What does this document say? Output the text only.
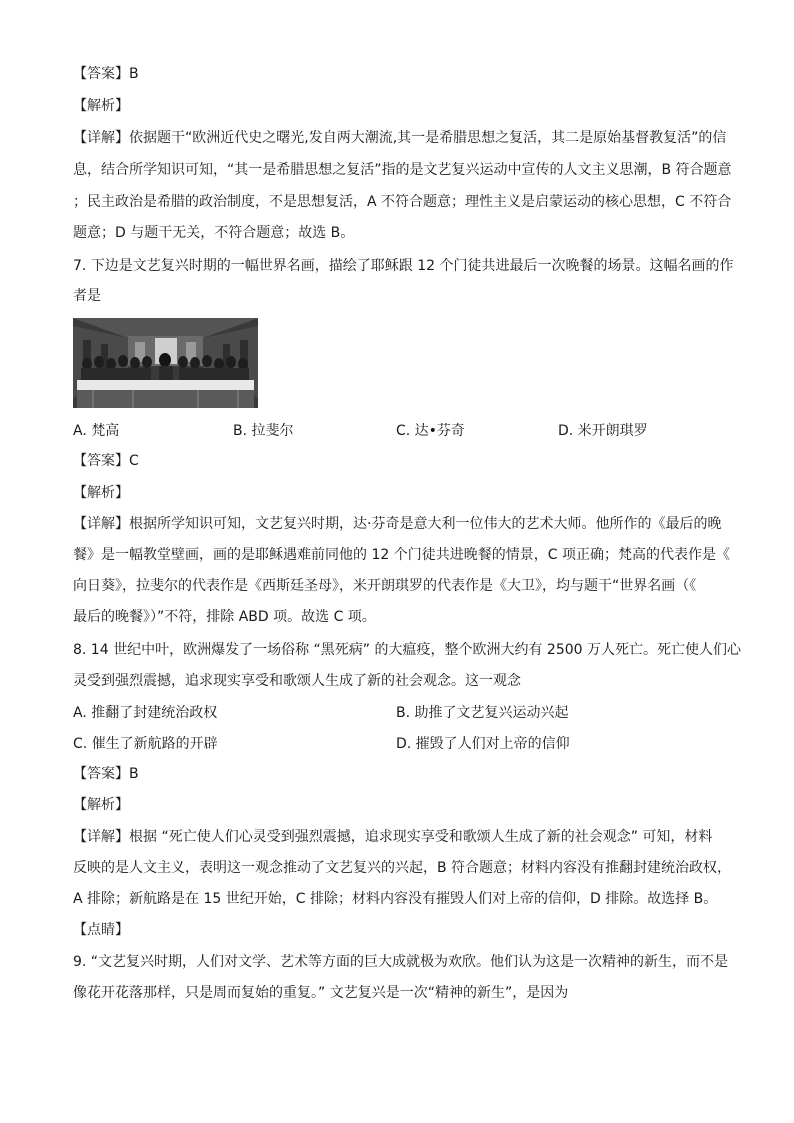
【答案】B
【解析】
【详解】依据题干“欧洲近代史之曙光,发自两大潮流,其一是希腊思想之复活，其二是原始基督教复活”的信
息，结合所学知识可知，“其一是希腊思想之复活”指的是文艺复兴运动中宣传的人文主义思潮，B 符合题意
；民主政治是希腊的政治制度，不是思想复活，A 不符合题意；理性主义是启蒙运动的核心思想，C 不符合
题意；D 与题干无关，不符合题意；故选 B。
7. 下边是文艺复兴时期的一幅世界名画，描绘了耶稣跟 12 个门徒共进最后一次晚餐的场景。这幅名画的作
者是
A. 梵高	B. 拉斐尔	C. 达•芬奇	D. 米开朗琪罗
【答案】C
【解析】
【详解】根据所学知识可知，文艺复兴时期，达·芬奇是意大利一位伟大的艺术大师。他所作的《最后的晚
餐》是一幅教堂壁画，画的是耶稣遇难前同他的 12 个门徒共进晚餐的情景，C 项正确；梵高的代表作是《
向日葵》，拉斐尔的代表作是《西斯廷圣母》，米开朗琪罗的代表作是《大卫》，均与题干“世界名画（《
最后的晚餐》）”不符，排除 ABD 项。故选 C 项。
8. 14 世纪中叶，欧洲爆发了一场俗称 “黑死病” 的大瘟疫，整个欧洲大约有 2500 万人死亡。死亡使人们心
灵受到强烈震撼，追求现实享受和歌颂人生成了新的社会观念。这一观念
A. 推翻了封建统治政权	B. 助推了文艺复兴运动兴起
C. 催生了新航路的开辟	D. 摧毁了人们对上帝的信仰
【答案】B
【解析】
【详解】根据 “死亡使人们心灵受到强烈震撼，追求现实享受和歌颂人生成了新的社会观念” 可知，材料
反映的是人文主义，表明这一观念推动了文艺复兴的兴起，B 符合题意；材料内容没有推翻封建统治政权，
A 排除；新航路是在 15 世纪开始，C 排除；材料内容没有摧毁人们对上帝的信仰，D 排除。故选择 B。
【点睛】
9. “文艺复兴时期，人们对文学、艺术等方面的巨大成就极为欢欣。他们认为这是一次精神的新生，而不是
像花开花落那样，只是周而复始的重复。” 文艺复兴是一次“精神的新生”，是因为
